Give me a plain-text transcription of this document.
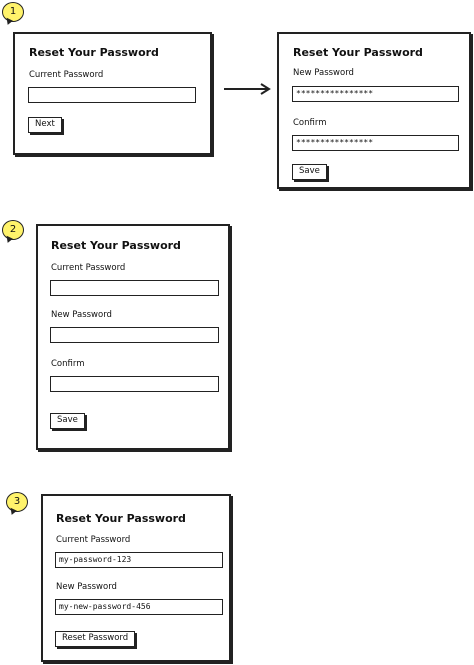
1
Reset Your Password
Current Password
Next
Reset Your Password
New Password
****************
Confirm
****************
Save
2
Reset Your Password
Current Password
New Password
Confirm
Save
3
Reset Your Password
Current Password
my-password-123
New Password
my-new-password-456
Reset Password
